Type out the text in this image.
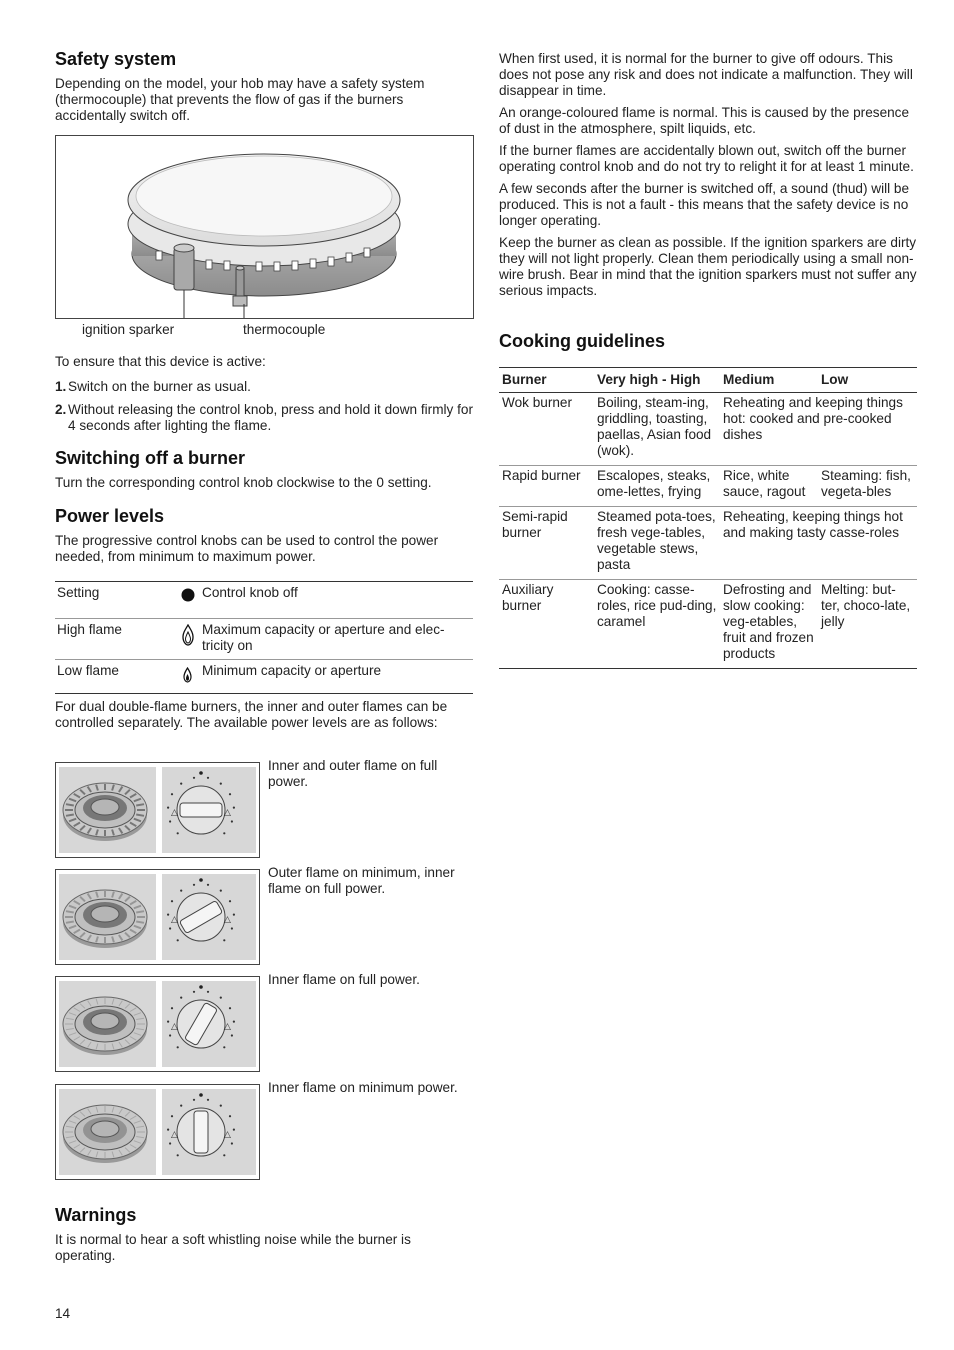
Safety system

Depending on the model, your hob may have a safety system (thermocouple) that prevents the flow of gas if the burners accidentally switch off.

ignition sparker	thermocouple

To ensure that this device is active:

1. Switch on the burner as usual.
2. Without releasing the control knob, press and hold it down firmly for 4 seconds after lighting the flame.
Switching off a burner

Turn the corresponding control knob clockwise to the 0 setting.

Power levels

The progressive control knobs can be used to control the power needed, from minimum to maximum power.

Setting	Control knob off
High flame	Maximum capacity or aperture and elec-tricity on
Low flame	Minimum capacity or aperture

For dual double-flame burners, the inner and outer flames can be controlled separately. The available power levels are as follows:

△	△

Inner and outer flame on full power.

△	△

Outer flame on minimum, inner flame on full power.

△	△

Inner flame on full power.

△	△

Inner flame on minimum power.

Warnings

It is normal to hear a soft whistling noise while the burner is operating.

14

When first used, it is normal for the burner to give off odours. This does not pose any risk and does not indicate a malfunction. They will disappear in time.

An orange-coloured flame is normal. This is caused by the presence of dust in the atmosphere, spilt liquids, etc.

If the burner flames are accidentally blown out, switch off the burner operating control knob and do not try to relight it for at least 1 minute.

A few seconds after the burner is switched off, a sound (thud) will be produced. This is not a fault - this means that the safety device is no longer operating.

Keep the burner as clean as possible. If the ignition sparkers are dirty they will not light properly. Clean them periodically using a small non-wire brush. Bear in mind that the ignition sparkers must not suffer any serious impacts.

Cooking guidelines
Burner	Very high - High	Medium	Low
Wok burner	Boiling, steam-ing, griddling, toasting, paellas, Asian food (wok).	Reheating and keeping things hot: cooked and pre-cooked dishes	
Rapid burner	Escalopes, steaks, ome-lettes, frying	Rice, white sauce, ragout	Steaming: fish, vegeta-bles
Semi-rapid burner	Steamed pota-toes, fresh vege-tables, vegetable stews, pasta	Reheating, keeping things hot and making tasty casse-roles	
Auxiliary burner	Cooking: casse-roles, rice pud-ding, caramel	Defrosting and slow cooking: veg-etables, fruit and frozen products	Melting: but-ter, choco-late, jelly
